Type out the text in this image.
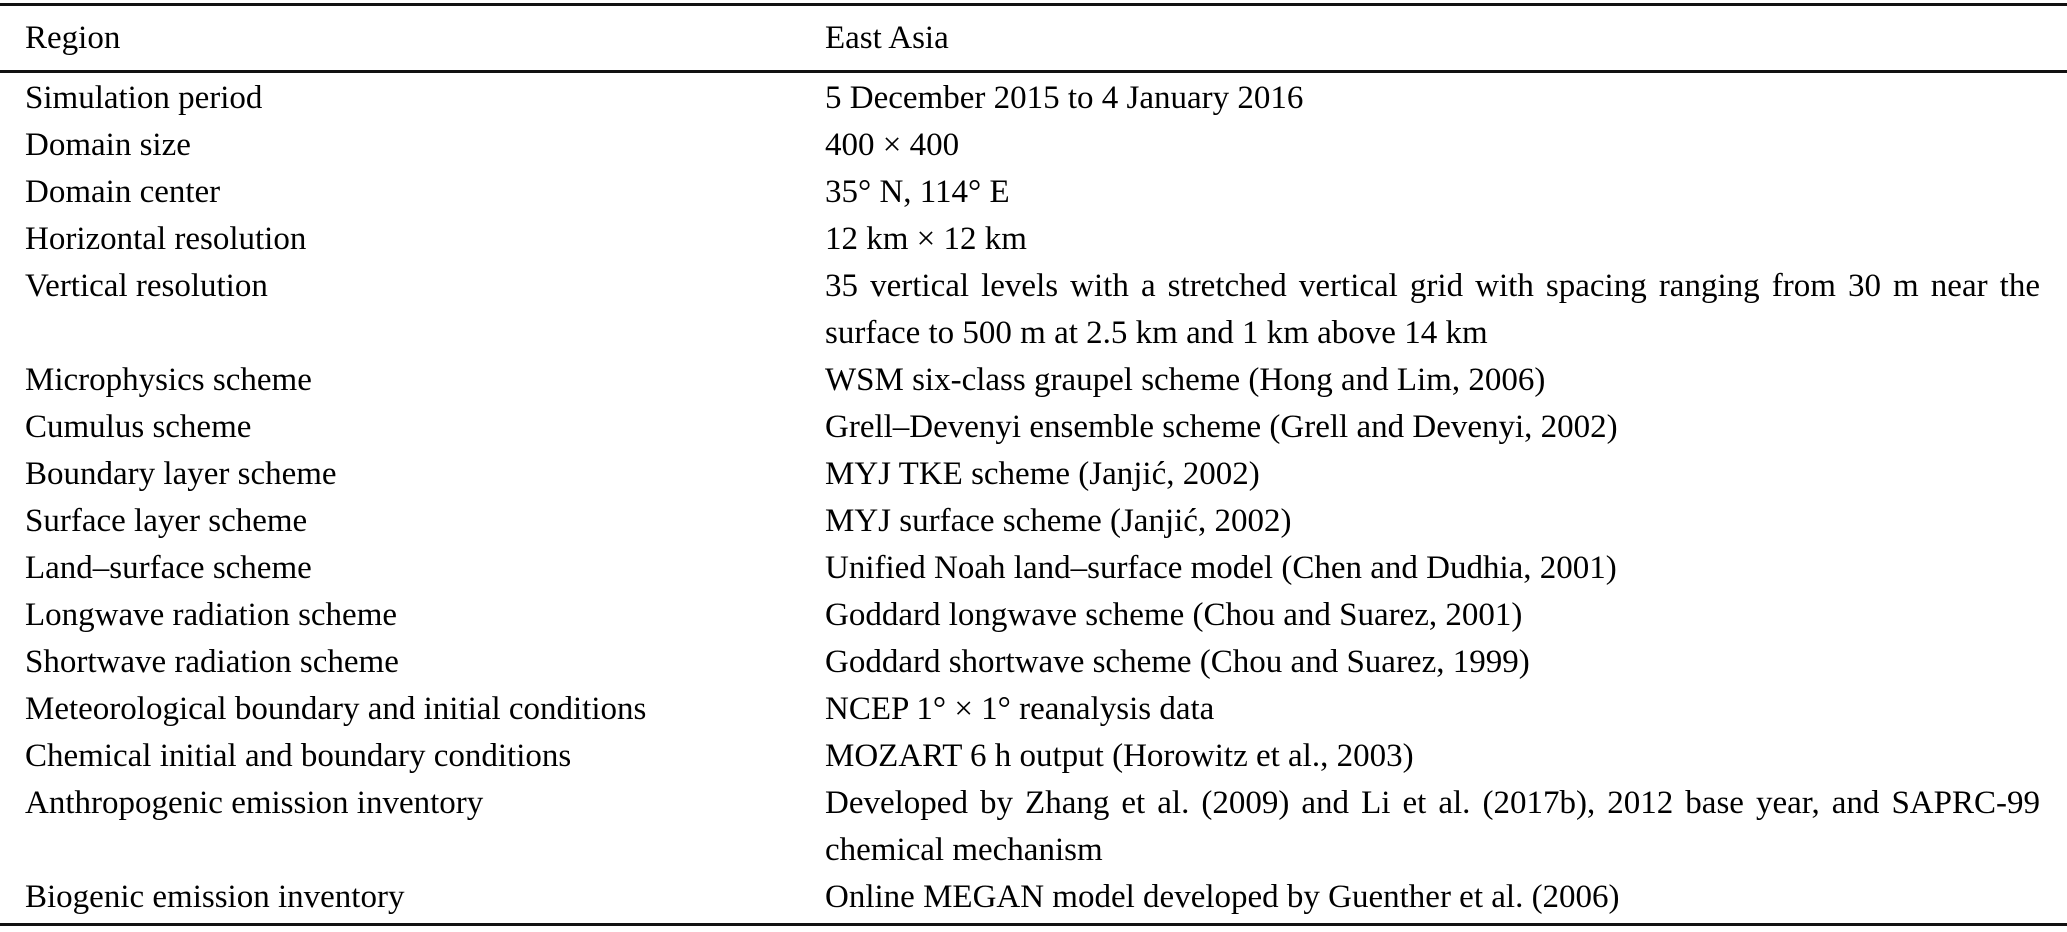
Region	East Asia
Simulation period	5 December 2015 to 4 January 2016
Domain size	400 × 400
Domain center	35° N, 114° E
Horizontal resolution	12 km × 12 km
Vertical resolution	35 vertical levels with a stretched vertical grid with spacing ranging from 30 m near the surface to 500 m at 2.5 km and 1 km above 14 km
Microphysics scheme	WSM six-class graupel scheme (Hong and Lim, 2006)
Cumulus scheme	Grell–Devenyi ensemble scheme (Grell and Devenyi, 2002)
Boundary layer scheme	MYJ TKE scheme (Janjić, 2002)
Surface layer scheme	MYJ surface scheme (Janjić, 2002)
Land–surface scheme	Unified Noah land–surface model (Chen and Dudhia, 2001)
Longwave radiation scheme	Goddard longwave scheme (Chou and Suarez, 2001)
Shortwave radiation scheme	Goddard shortwave scheme (Chou and Suarez, 1999)
Meteorological boundary and initial conditions	NCEP 1° × 1° reanalysis data
Chemical initial and boundary conditions	MOZART 6 h output (Horowitz et al., 2003)
Anthropogenic emission inventory	Developed by Zhang et al. (2009) and Li et al. (2017b), 2012 base year, and SAPRC-99 chemical mechanism
Biogenic emission inventory	Online MEGAN model developed by Guenther et al. (2006)
